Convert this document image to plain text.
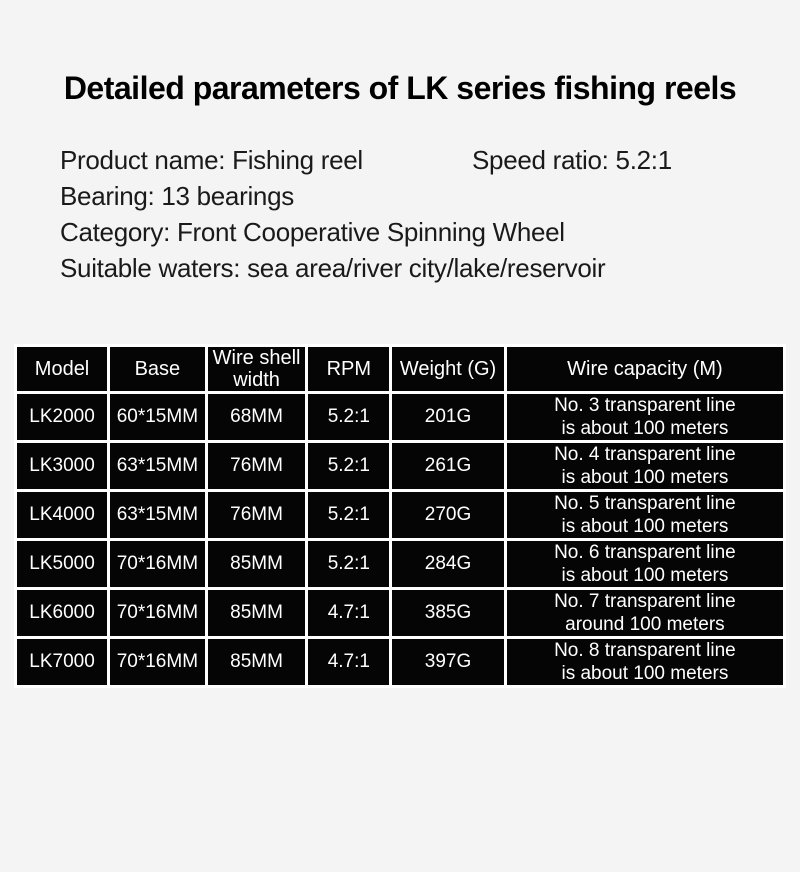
Detailed parameters of LK series fishing reels
Product name: Fishing reel	Speed ratio: 5.2:1
Bearing: 13 bearings
Category: Front Cooperative Spinning Wheel
Suitable waters: sea area/river city/lake/reservoir
Model	Base	Wire shell width	RPM	Weight (G)	Wire capacity (M)
LK2000	60*15MM	68MM	5.2:1	201G	No. 3 transparent line
is about 100 meters

LK3000	63*15MM	76MM	5.2:1	261G	No. 4 transparent line
is about 100 meters

LK4000	63*15MM	76MM	5.2:1	270G	No. 5 transparent line
is about 100 meters

LK5000	70*16MM	85MM	5.2:1	284G	No. 6 transparent line
is about 100 meters

LK6000	70*16MM	85MM	4.7:1	385G	No. 7 transparent line
around 100 meters

LK7000	70*16MM	85MM	4.7:1	397G	No. 8 transparent line
is about 100 meters
